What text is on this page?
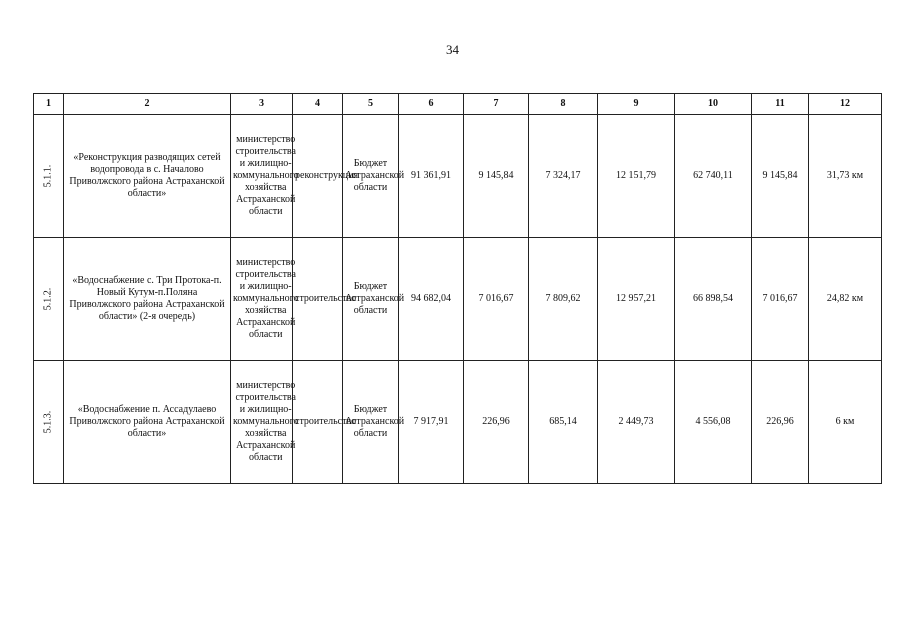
34
1	2	3	4	5	6	7	8	9	10	11	12
5.1.1.	«Реконструкция разводящих сетей водопровода в с. Началово Приволжского района Астраханской области»	министерство строительства и жилищно-коммунального хозяйства Астраханской области	реконструкция	Бюджет Астраханской области	91 361,91	9 145,84	7 324,17	12 151,79	62 740,11	9 145,84	31,73 км
5.1.2.	«Водоснабжение с. Три Протока-п. Новый Кутум-п.Поляна Приволжского района Астраханской области» (2-я очередь)	министерство строительства и жилищно-коммунального хозяйства Астраханской области	строительство	Бюджет Астраханской области	94 682,04	7 016,67	7 809,62	12 957,21	66 898,54	7 016,67	24,82 км
5.1.3.	«Водоснабжение п. Ассадулаево Приволжского района Астраханской области»	министерство строительства и жилищно-коммунального хозяйства Астраханской области	строительство	Бюджет Астраханской области	7 917,91	226,96	685,14	2 449,73	4 556,08	226,96	6 км
